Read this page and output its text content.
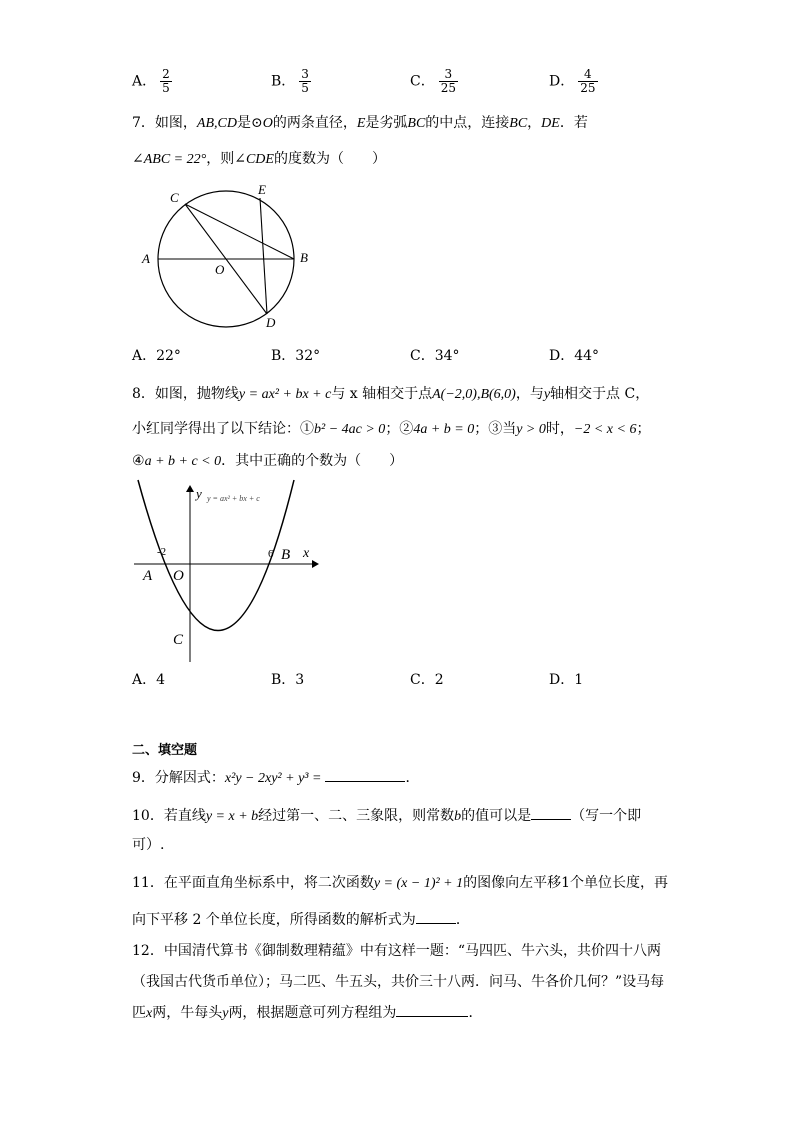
A． $\frac{2}{5}$	B． $\frac{3}{5}$	C． $\frac{3}{25}$	D． $\frac{4}{25}$
7．如图，AB,CD是⊙O的两条直径，E是劣弧BC的中点，连接BC，DE．若
∠ABC = 22°，则∠CDE的度数为（　　）
A	B
C
D
E
O
A．22°	B．32°	C．34°	D．44°
8．如图，抛物线y = ax² + bx + c与 x 轴相交于点A(−2,0),B(6,0)，与y轴相交于点 C，
小红同学得出了以下结论：①b² − 4ac > 0；②4a + b = 0；③当y > 0时，−2 < x < 6；
④a + b + c < 0．其中正确的个数为（　　）
y y = ax² + bx + c
-2	6 B x
A O
C
A．4	B．3	C．2	D．1
二、填空题
9．分解因式：x²y − 2xy² + y³ =	．
10．若直线y = x + b经过第一、二、三象限，则常数b的值可以是	（写一个即
可）.
11．在平面直角坐标系中，将二次函数y = (x − 1)² + 1的图像向左平移1个单位长度，再
向下平移 2 个单位长度，所得函数的解析式为	．
12．中国清代算书《御制数理精蕴》中有这样一题：“马四匹、牛六头，共价四十八两
（我国古代货币单位）；马二匹、牛五头，共价三十八两．问马、牛各价几何？”设马每
匹x两，牛每头y两，根据题意可列方程组为	．
